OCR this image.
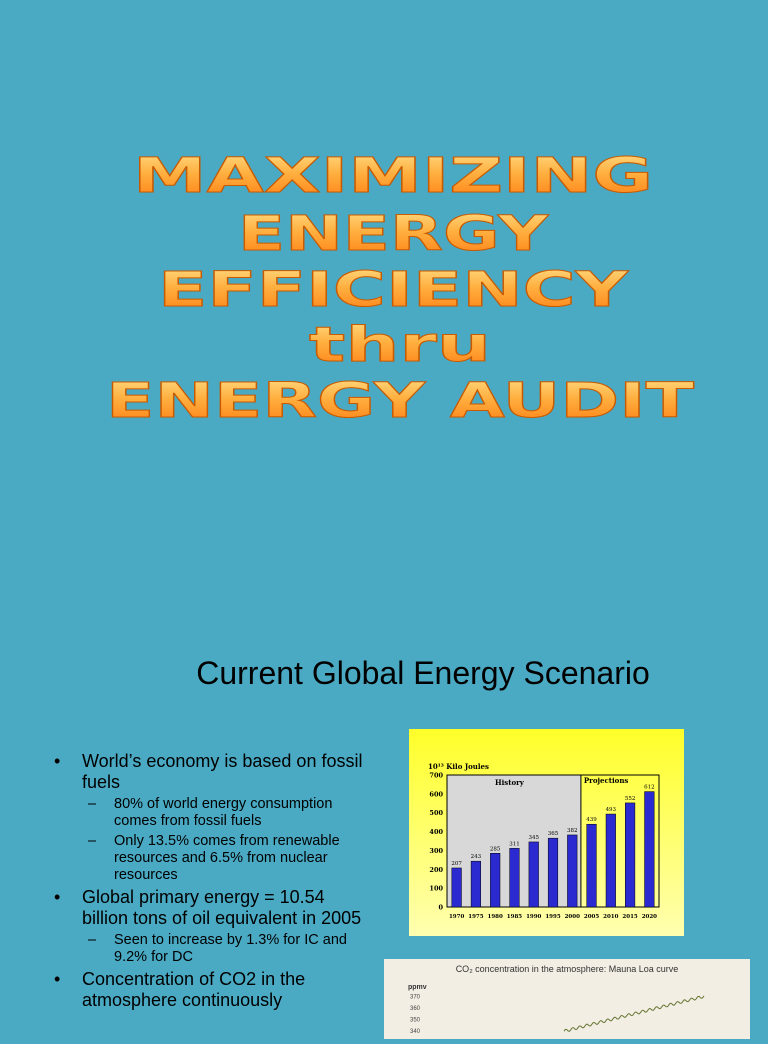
MAXIMIZING
ENERGY
EFFICIENCY
thru
ENERGY AUDIT
Current Global Energy Scenario
• World’s economy is based on fossil fuels
– 80% of world energy consumption comes from fossil fuels
– Only 13.5% comes from renewable resources and 6.5% from nuclear resources
• Global primary energy = 10.54 billion tons of oil equivalent in 2005
– Seen to increase by 1.3% for IC and 9.2% for DC
• Concentration of CO2 in the atmosphere continuously
History	Projections
10¹³ Kilo Joules
0
100
200
300
400
500
600
700
207
1970
243
1975
285
1980
311
1985
345
1990
365
1995
382
2000
439
2005
493
2010
552
2015
612
2020
CO₂ concentration in the atmosphere: Mauna Loa curve
ppmv
370
360
350
340
